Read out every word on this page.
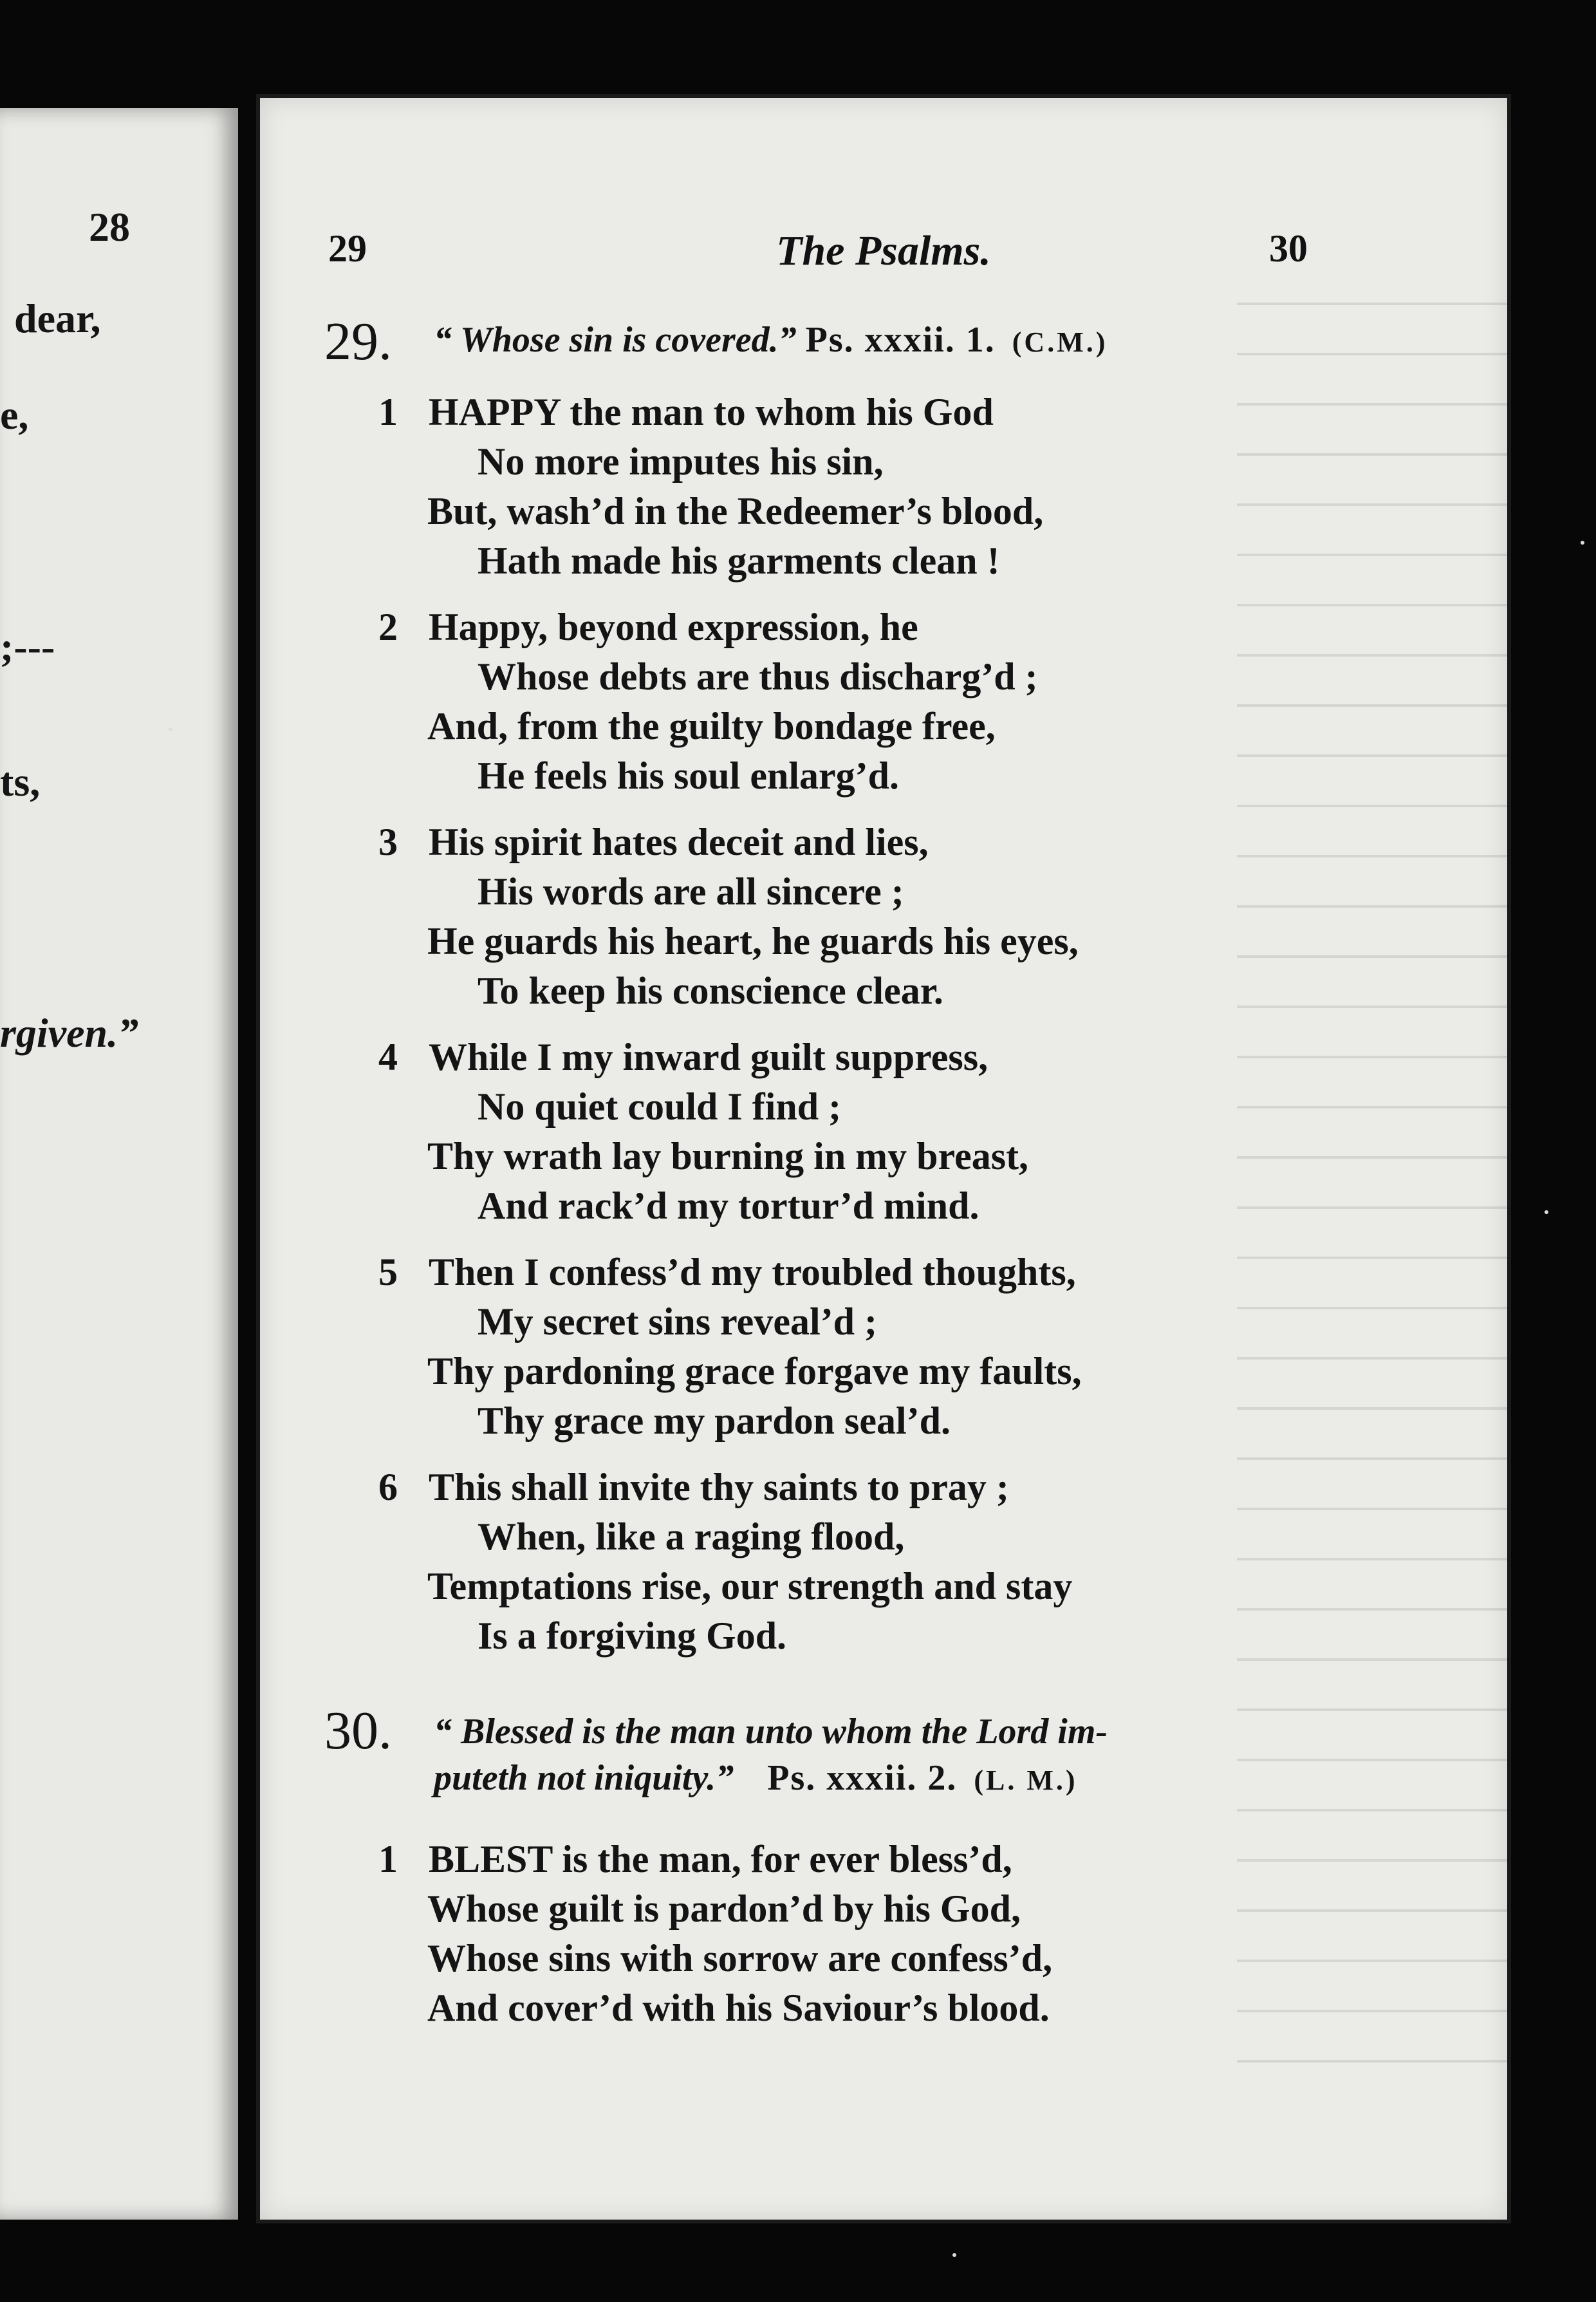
28
dear,
e,
;---
ts,
rgiven.”
29	The Psalms.	30
29. “ Whose sin is covered.” Ps. xxxii. 1. (C.M.)
1 HAPPY the man to whom his God
No more imputes his sin,
But, wash’d in the Redeemer’s blood,
Hath made his garments clean !
2 Happy, beyond expression, he
Whose debts are thus discharg’d ;
And, from the guilty bondage free,
He feels his soul enlarg’d.
3 His spirit hates deceit and lies,
His words are all sincere ;
He guards his heart, he guards his eyes,
To keep his conscience clear.
4 While I my inward guilt suppress,
No quiet could I find ;
Thy wrath lay burning in my breast,
And rack’d my tortur’d mind.
5 Then I confess’d my troubled thoughts,
My secret sins reveal’d ;
Thy pardoning grace forgave my faults,
Thy grace my pardon seal’d.
6 This shall invite thy saints to pray ;
When, like a raging flood,
Temptations rise, our strength and stay
Is a forgiving God.
30. “ Blessed is the man unto whom the Lord im-
puteth not iniquity.” Ps. xxxii. 2. (L. M.)
1 BLEST is the man, for ever bless’d,
Whose guilt is pardon’d by his God,
Whose sins with sorrow are confess’d,
And cover’d with his Saviour’s blood.
